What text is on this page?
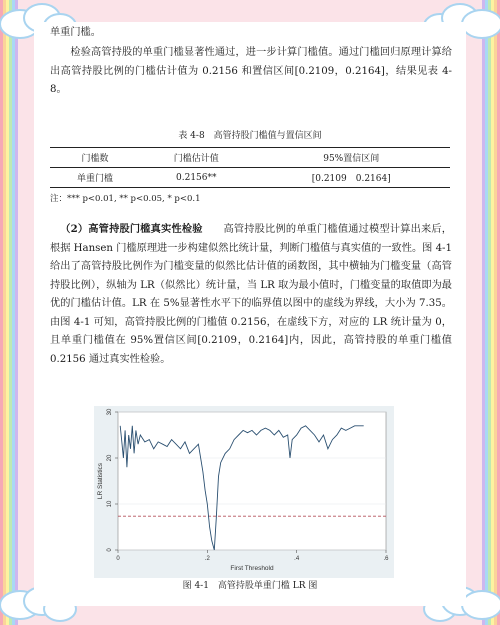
单重门槛。
检验高管持股的单重门槛显著性通过，进一步计算门槛值。通过门槛回归原理计算给出高管持股比例的门槛估计值为 0.2156 和置信区间[0.2109，0.2164]，结果见表 4-8。
表 4-8　高管持股门槛值与置信区间
门槛数	门槛估计值	95%置信区间
单重门槛	0.2156**	[0.2109　0.2164]
注：*** p<0.01, ** p<0.05, * p<0.1
（2）高管持股门槛真实性检验　　 高管持股比例的单重门槛值通过模型计算出来后，根据 Hansen 门槛原理进一步构建似然比统计量，判断门槛值与真实值的一致性。图 4-1 给出了高管持股比例作为门槛变量的似然比估计值的函数图，其中横轴为门槛变量（高管持股比例），纵轴为 LR（似然比）统计量，当 LR 取为最小值时，门槛变量的取值即为最优的门槛估计值。LR 在 5%显著性水平下的临界值以图中的虚线为界线，大小为 7.35。由图 4-1 可知，高管持股比例的门槛值 0.2156，在虚线下方，对应的 LR 统计量为 0，且单重门槛值在 95%置信区间[0.2109，0.2164]内，因此，高管持股的单重门槛值 0.2156 通过真实性检验。
0
10
20
30
0	.2	.4	.6
First Threshold
LR Statistics
图 4-1　高管持股单重门槛 LR 图
